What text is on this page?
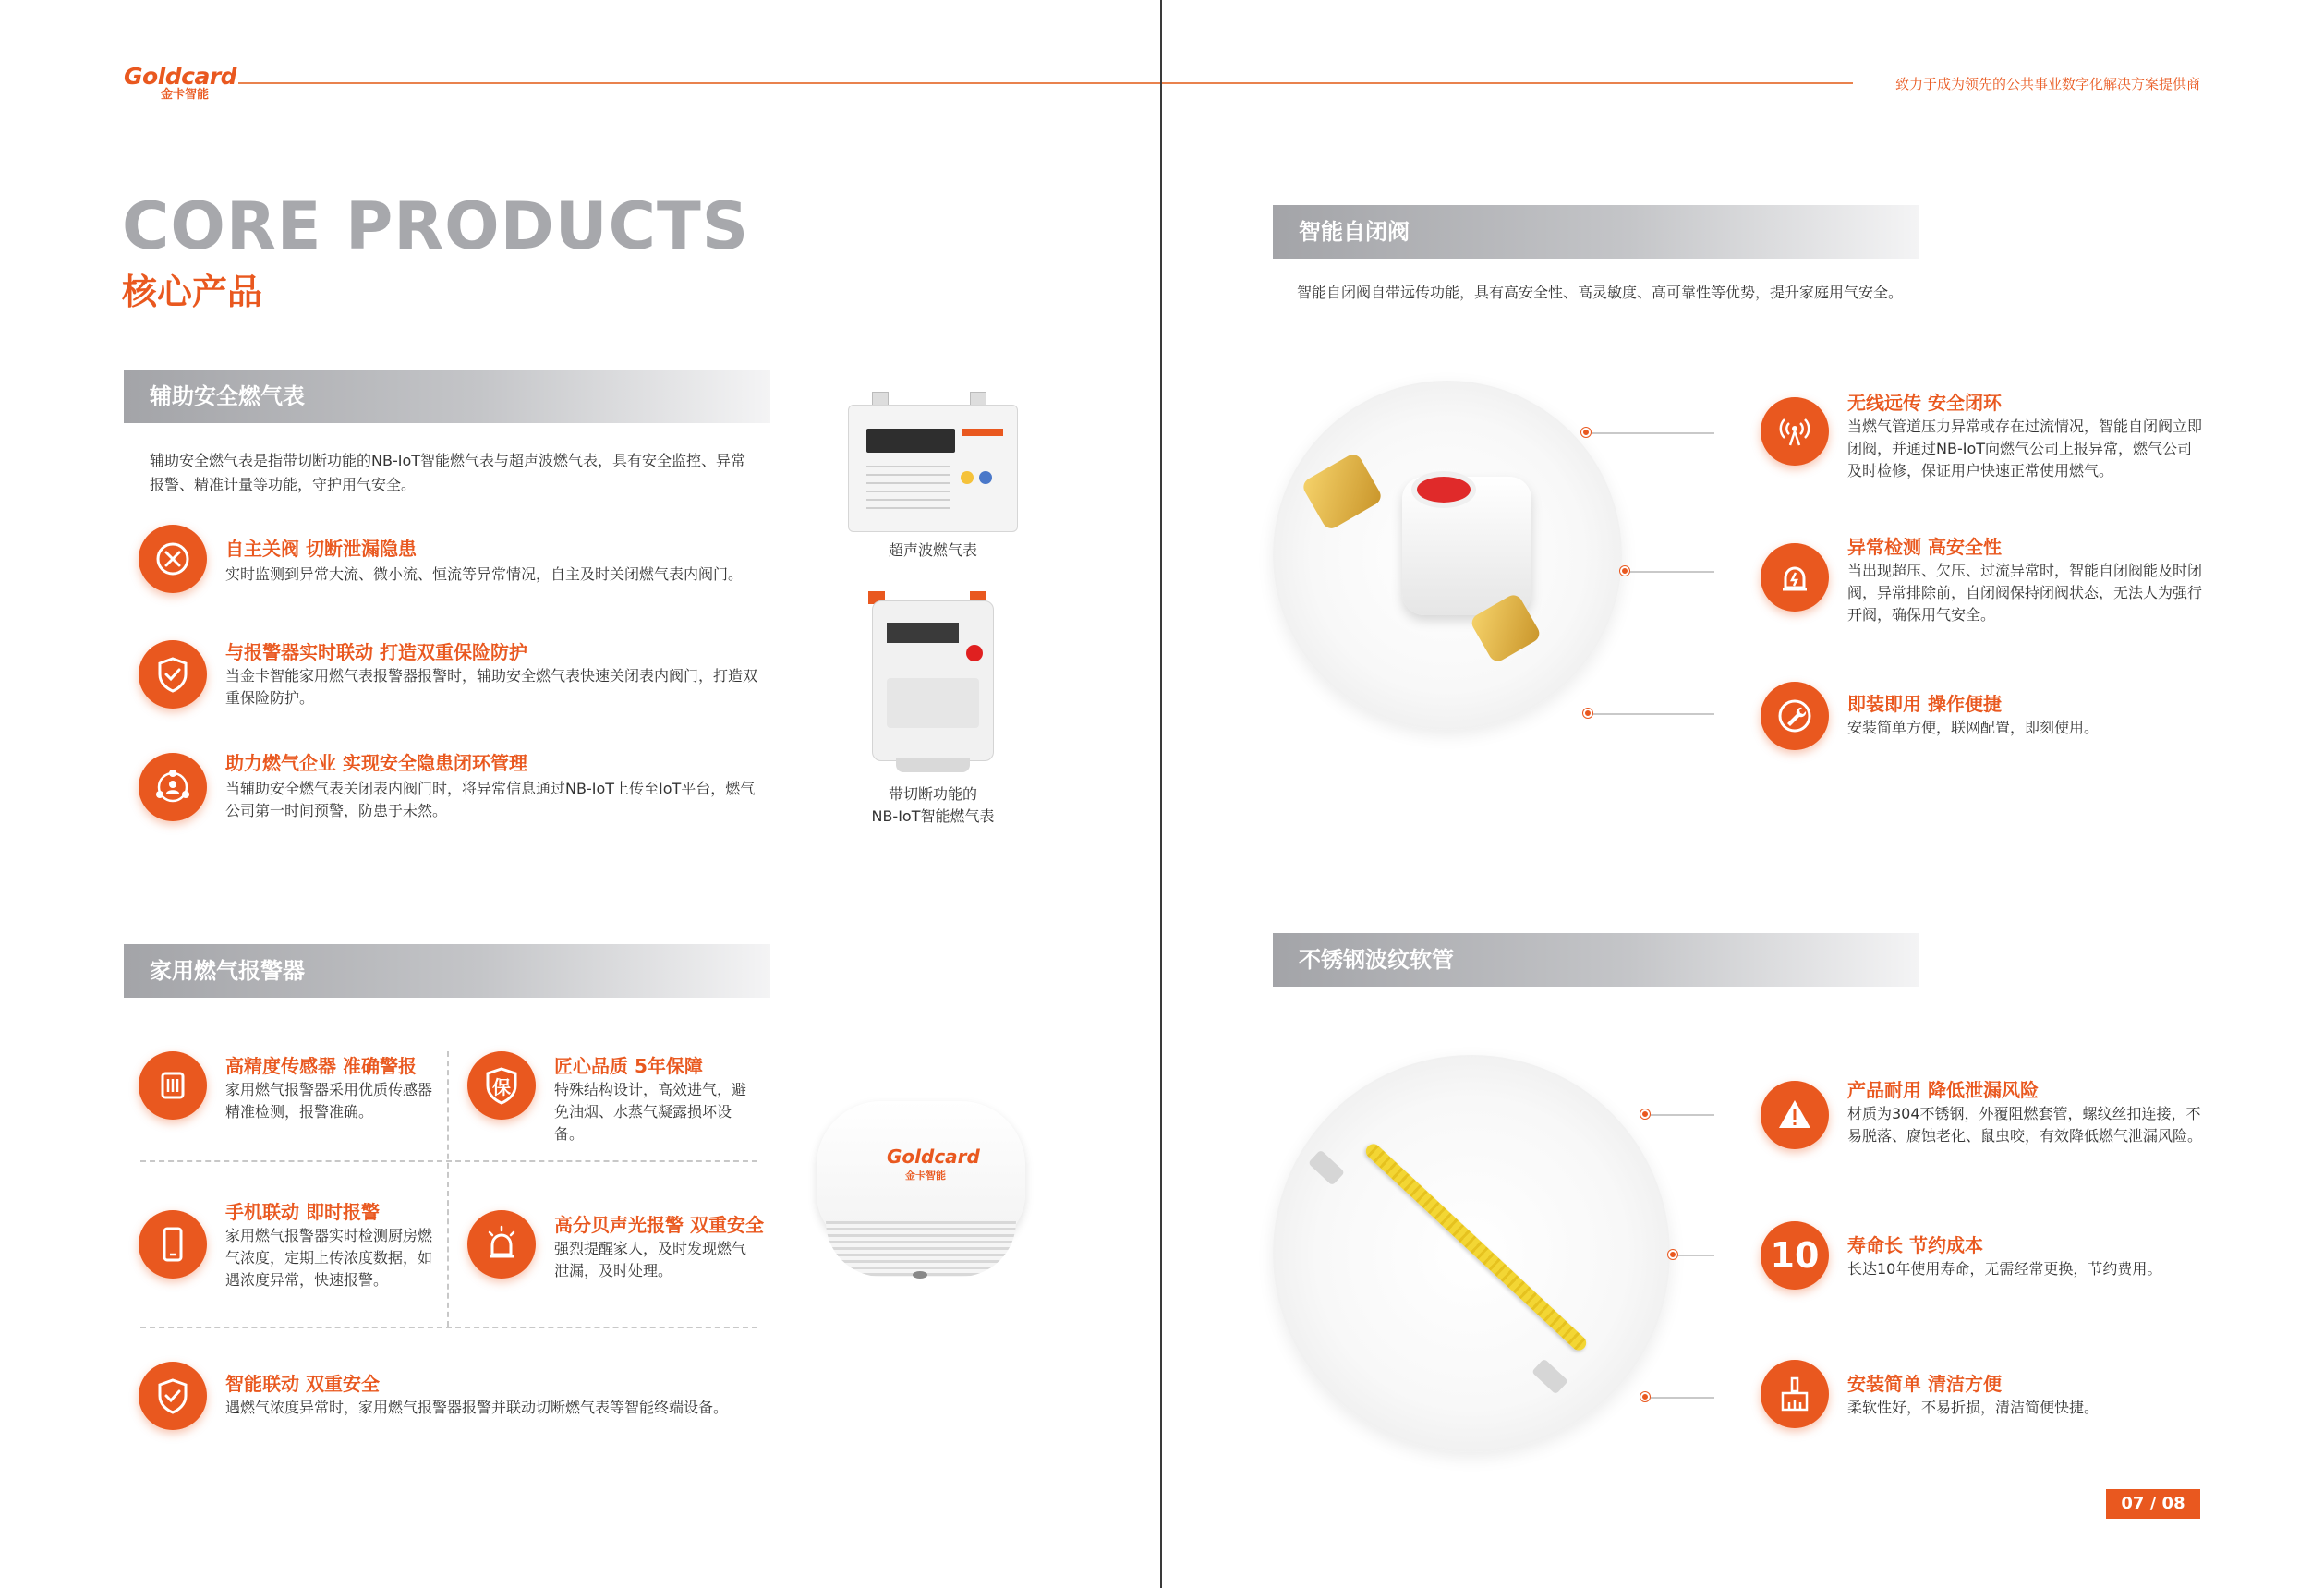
Goldcard
金卡智能
CORE PRODUCTS
核心产品
辅助安全燃气表
辅助安全燃气表是指带切断功能的NB-IoT智能燃气表与超声波燃气表，具有安全监控、异常报警、精准计量等功能，守护用气安全。
自主关阀 切断泄漏隐患
实时监测到异常大流、微小流、恒流等异常情况，自主及时关闭燃气表内阀门。
与报警器实时联动 打造双重保险防护
当金卡智能家用燃气表报警器报警时，辅助安全燃气表快速关闭表内阀门，打造双重保险防护。
助力燃气企业 实现安全隐患闭环管理
当辅助安全燃气表关闭表内阀门时，将异常信息通过NB-IoT上传至IoT平台，燃气公司第一时间预警，防患于未然。
超声波燃气表
带切断功能的
NB-IoT智能燃气表
家用燃气报警器
高精度传感器 准确警报
家用燃气报警器采用优质传感器精准检测，报警准确。
保
匠心品质 5年保障
特殊结构设计，高效进气，避免油烟、水蒸气凝露损坏设备。
手机联动 即时报警
家用燃气报警器实时检测厨房燃气浓度，定期上传浓度数据，如遇浓度异常，快速报警。
高分贝声光报警 双重安全
强烈提醒家人，及时发现燃气泄漏，及时处理。
智能联动 双重安全
遇燃气浓度异常时，家用燃气报警器报警并联动切断燃气表等智能终端设备。
Goldcard
金卡智能
致力于成为领先的公共事业数字化解决方案提供商
智能自闭阀
智能自闭阀自带远传功能，具有高安全性、高灵敏度、高可靠性等优势，提升家庭用气安全。
无线远传 安全闭环
当燃气管道压力异常或存在过流情况，智能自闭阀立即闭阀，并通过NB-IoT向燃气公司上报异常，燃气公司及时检修，保证用户快速正常使用燃气。
异常检测 高安全性
当出现超压、欠压、过流异常时，智能自闭阀能及时闭阀，异常排除前，自闭阀保持闭阀状态，无法人为强行开阀，确保用气安全。
即装即用 操作便捷
安装简单方便，联网配置，即刻使用。
不锈钢波纹软管
产品耐用 降低泄漏风险
材质为304不锈钢，外覆阻燃套管，螺纹丝扣连接，不易脱落、腐蚀老化、鼠虫咬，有效降低燃气泄漏风险。
10 寿命长 节约成本
长达10年使用寿命，无需经常更换，节约费用。
安装简单 清洁方便
柔软性好，不易折损，清洁简便快捷。
07 / 08
